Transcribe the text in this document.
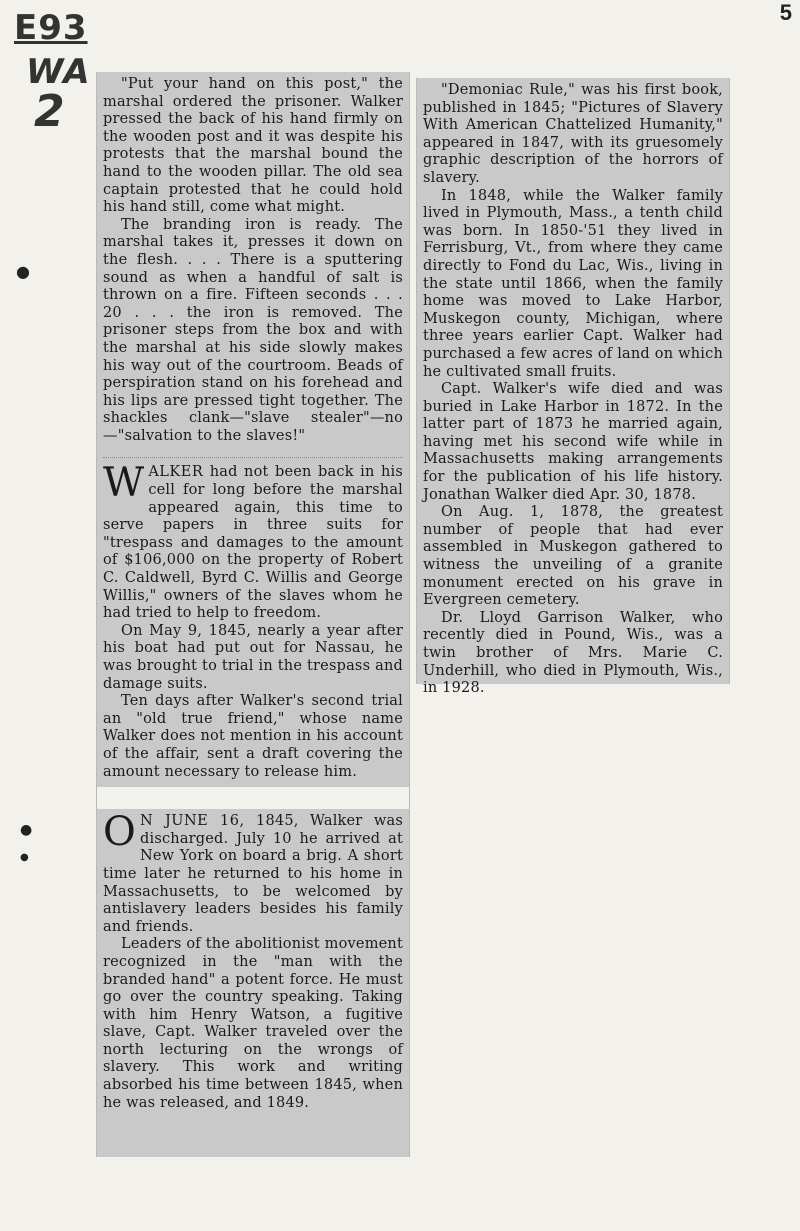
5
E93
WA
2
●
●
●

"Put your hand on this post," the marshal ordered the prisoner. Walker pressed the back of his hand firmly on the wooden post and it was despite his protests that the marshal bound the hand to the wooden pillar. The old sea captain protested that he could hold his hand still, come what might.

The branding iron is ready. The marshal takes it, presses it down on the flesh. . . . There is a sputtering sound as when a handful of salt is thrown on a fire. Fifteen seconds . . . 20 . . . the iron is removed. The prisoner steps from the box and with the marshal at his side slowly makes his way out of the courtroom. Beads of perspiration stand on his forehead and his lips are pressed tight together. The shackles clank—"slave stealer"—no—"salvation to the slaves!"

WALKER had not been back in his cell for long before the marshal appeared again, this time to serve papers in three suits for "trespass and damages to the amount of $106,000 on the property of Robert C. Caldwell, Byrd C. Willis and George Willis," owners of the slaves whom he had tried to help to freedom.

On May 9, 1845, nearly a year after his boat had put out for Nassau, he was brought to trial in the trespass and damage suits.

Ten days after Walker's second trial an "old true friend," whose name Walker does not mention in his account of the affair, sent a draft covering the amount necessary to release him.

O N JUNE 16, 1845, Walker was discharged. July 10 he arrived at New York on board a brig. A short time later he returned to his home in Massachusetts, to be welcomed by antislavery leaders besides his family and friends.

Leaders of the abolitionist movement recognized in the "man with the branded hand" a potent force. He must go over the country speaking. Taking with him Henry Watson, a fugitive slave, Capt. Walker traveled over the north lecturing on the wrongs of slavery. This work and writing absorbed his time between 1845, when he was released, and 1849.

"Demoniac Rule," was his first book, published in 1845; "Pictures of Slavery With American Chattelized Humanity," appeared in 1847, with its gruesomely graphic description of the horrors of slavery.

In 1848, while the Walker family lived in Plymouth, Mass., a tenth child was born. In 1850-'51 they lived in Ferrisburg, Vt., from where they came directly to Fond du Lac, Wis., living in the state until 1866, when the family home was moved to Lake Harbor, Muskegon county, Michigan, where three years earlier Capt. Walker had purchased a few acres of land on which he cultivated small fruits.

Capt. Walker's wife died and was buried in Lake Harbor in 1872. In the latter part of 1873 he married again, having met his second wife while in Massachusetts making arrangements for the publication of his life history. Jonathan Walker died Apr. 30, 1878.

On Aug. 1, 1878, the greatest number of people that had ever assembled in Muskegon gathered to witness the unveiling of a granite monument erected on his grave in Evergreen cemetery.

Dr. Lloyd Garrison Walker, who recently died in Pound, Wis., was a twin brother of Mrs. Marie C. Underhill, who died in Plymouth, Wis., in 1928.
